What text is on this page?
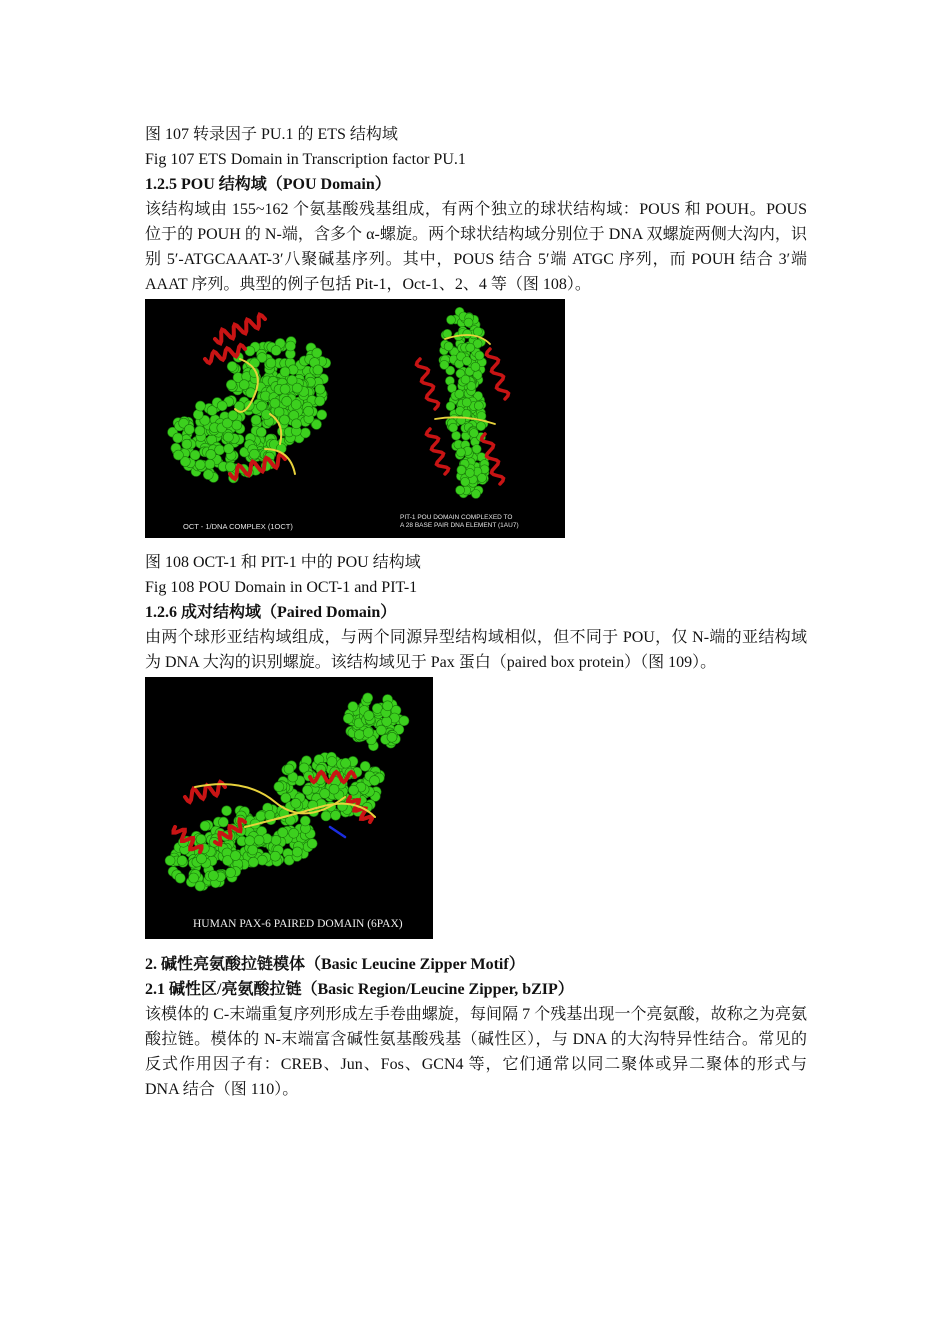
图 107 转录因子 PU.1 的 ETS 结构域
Fig 107 ETS Domain in Transcription factor PU.1
1.2.5 POU 结构域（POU Domain）
该结构域由 155~162 个氨基酸残基组成，有两个独立的球状结构域：POUS 和 POUH。POUS 位于的 POUH 的 N-端，含多个 α-螺旋。两个球状结构域分别位于 DNA 双螺旋两侧大沟内，识别 5′-ATGCAAAT-3′八聚碱基序列。其中，POUS 结合 5′端 ATGC 序列，而 POUH 结合 3′端 AAAT 序列。典型的例子包括 Pit-1，Oct-1、2、4 等（图 108）。
OCT - 1/DNA COMPLEX (1OCT)
PIT-1 POU DOMAIN COMPLEXED TO
A 28 BASE PAIR DNA ELEMENT (1AU7)
图 108 OCT-1 和 PIT-1 中的 POU 结构域
Fig 108 POU Domain in OCT-1 and PIT-1
1.2.6 成对结构域（Paired Domain）
由两个球形亚结构域组成，与两个同源异型结构域相似，但不同于 POU，仅 N-端的亚结构域为 DNA 大沟的识别螺旋。该结构域见于 Pax 蛋白（paired box protein）（图 109）。
HUMAN PAX-6 PAIRED DOMAIN (6PAX)
2. 碱性亮氨酸拉链模体（Basic Leucine Zipper Motif）
2.1 碱性区/亮氨酸拉链（Basic Region/Leucine Zipper, bZIP）
该模体的 C-末端重复序列形成左手卷曲螺旋，每间隔 7 个残基出现一个亮氨酸，故称之为亮氨酸拉链。模体的 N-末端富含碱性氨基酸残基（碱性区），与 DNA 的大沟特异性结合。常见的反式作用因子有：CREB、Jun、Fos、GCN4 等，它们通常以同二聚体或异二聚体的形式与 DNA 结合（图 110）。
